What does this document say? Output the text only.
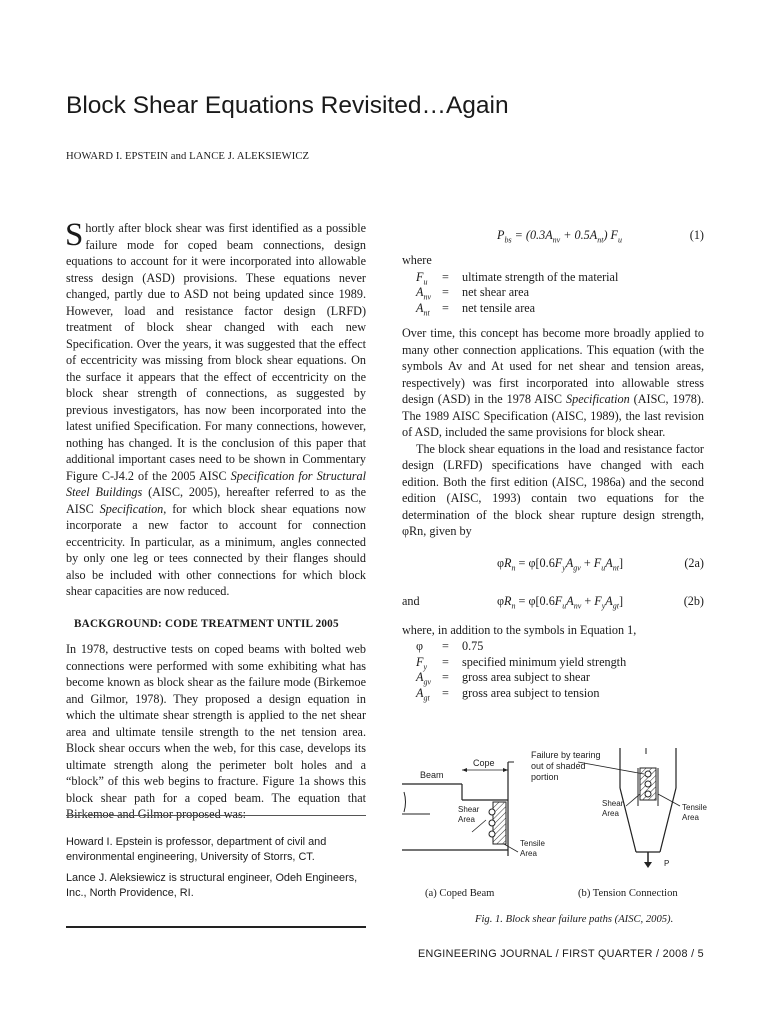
Block Shear Equations Revisited…Again
HOWARD I. EPSTEIN and LANCE J. ALEKSIEWICZ

Shortly after block shear was first identified as a possible failure mode for coped beam connections, design equations to account for it were incorporated into allowable stress design (ASD) provisions. These equations never changed, partly due to ASD not being updated since 1989. However, load and resistance factor design (LRFD) treatment of block shear changed with each new Specification. Over the years, it was suggested that the effect of eccentricity was missing from block shear equations. On the surface it appears that the effect of eccentricity on the block shear strength of connections, as suggested by previous investigators, has now been incorporated into the latest unified Specification. For many connections, however, nothing has changed. It is the conclusion of this paper that additional important cases need to be shown in Commentary Figure C-J4.2 of the 2005 AISC Specification for Structural Steel Buildings (AISC, 2005), hereafter referred to as the AISC Specification, for which block shear equations now incorporate a new factor to account for connection eccentricity. In particular, as a minimum, angles connected by only one leg or tees connected by their flanges should also be included with other connections for which block shear capacities are now reduced.

BACKGROUND: CODE TREATMENT UNTIL 2005

In 1978, destructive tests on coped beams with bolted web connections were performed with some exhibiting what has become known as block shear as the failure mode (Birkemoe and Gilmor, 1978). They proposed a design equation in which the ultimate shear strength is applied to the net shear area and ultimate tensile strength to the net tension area. Block shear occurs when the web, for this case, develops its ultimate strength along the perimeter bolt holes and a “block” of this web begins to fracture. Figure 1a shows this block shear path for a coped beam. The equation that Birkemoe and Gilmor proposed was:

Howard I. Epstein is professor, department of civil and environmental engineering, University of Storrs, CT.

Lance J. Aleksiewicz is structural engineer, Odeh Engineers, Inc., North Providence, RI.

$P_{bs} = (0.3A_{nv} + 0.5A_{nt})$ $F_u$	(1)

where

$F_u$	=	ultimate strength of the material
$A_{nv}$ =	net shear area
$A_{nt}$	=	net tensile area

Over time, this concept has become more broadly applied to many other connection applications. This equation (with the symbols Av and At used for net shear and tension areas, respectively) was first incorporated into allowable stress design (ASD) in the 1978 AISC Specification (AISC, 1978). The 1989 AISC Specification (AISC, 1989), the last revision of ASD, included the same provisions for block shear.

The block shear equations in the load and resistance factor design (LRFD) specifications have changed with each edition. Both the first edition (AISC, 1986a) and the second edition (AISC, 1993) contain two equations for the determination of the block shear rupture design strength, φRn, given by

$\varphi R_n = \varphi[0.6F_yA_{gv} + F_uA_{nt}]$	(2a)
and	$\varphi R_n = \varphi[0.6F_uA_{nv} + F_yA_{gt}]$	(2b)

where, in addition to the symbols in Equation 1,

φ	=	0.75
$F_y$	=	specified minimum yield strength
$A_{gv}$ =	gross area subject to shear
$A_{gt}$	=	gross area subject to tension
Beam
Cope
Shear
Area
Tensile
Area
Failure by tearing
out of shaded
portion
Shear
Area
Tensile
Area
P
(a) Coped Beam	(b) Tension Connection
Fig. 1. Block shear failure paths (AISC, 2005).
ENGINEERING JOURNAL / FIRST QUARTER / 2008 / 5
